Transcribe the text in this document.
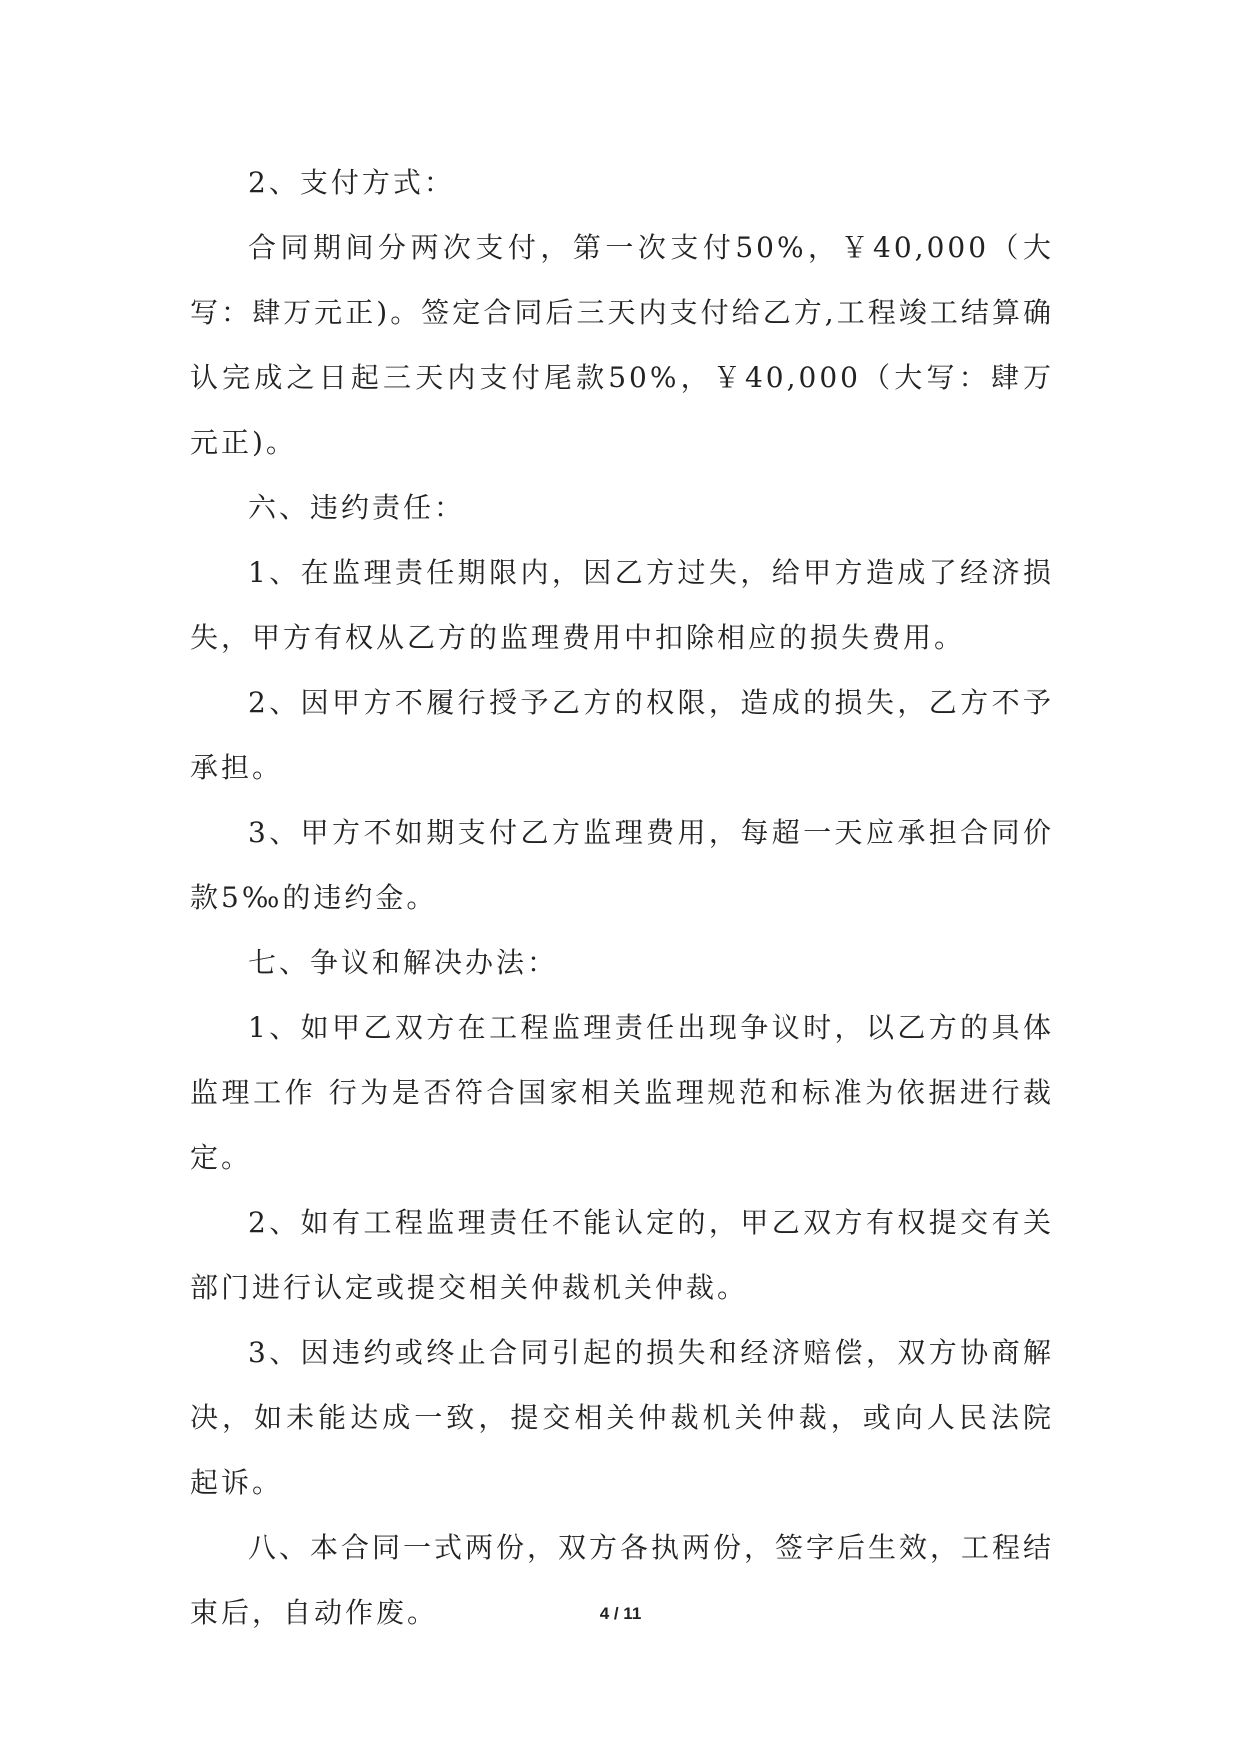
2、支付方式：

合同期间分两次支付，第一次支付50%，￥40,000（大写：肆万元正)。签定合同后三天内支付给乙方,工程竣工结算确认完成之日起三天内支付尾款50%，￥40,000（大写：肆万元正)。

六、违约责任：

1、在监理责任期限内，因乙方过失，给甲方造成了经济损失，甲方有权从乙方的监理费用中扣除相应的损失费用。

2、因甲方不履行授予乙方的权限，造成的损失，乙方不予承担。

3、甲方不如期支付乙方监理费用，每超一天应承担合同价款5‰的违约金。

七、争议和解决办法：

1、如甲乙双方在工程监理责任出现争议时，以乙方的具体监理工作 行为是否符合国家相关监理规范和标准为依据进行裁定。

2、如有工程监理责任不能认定的，甲乙双方有权提交有关部门进行认定或提交相关仲裁机关仲裁。

3、因违约或终止合同引起的损失和经济赔偿，双方协商解决，如未能达成一致，提交相关仲裁机关仲裁，或向人民法院起诉。

八、本合同一式两份，双方各执两份，签字后生效，工程结束后，自动作废。	4 / 11
